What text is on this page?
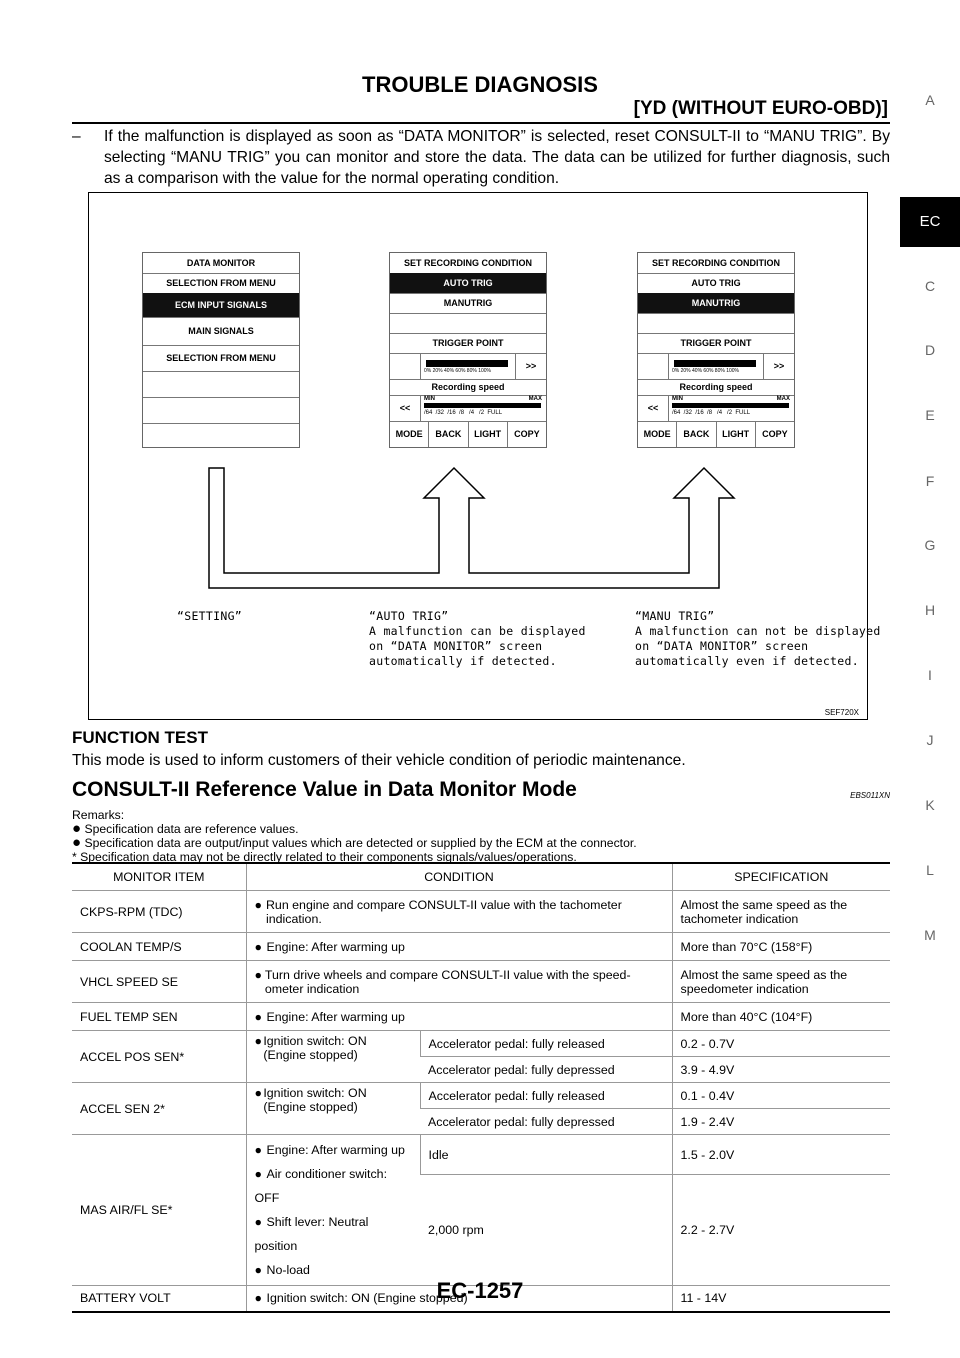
TROUBLE DIAGNOSIS
[YD (WITHOUT EURO-OBD)]
– If the malfunction is displayed as soon as “DATA MONITOR” is selected, reset CONSULT-II to “MANU TRIG”. By selecting “MANU TRIG” you can monitor and store the data. The data can be utilized for further diagnosis, such as a comparison with the value for the normal operating condition.
A
EC
C
D
E
F
G
H
I
J
K
L
M
DATA MONITOR
SELECTION FROM MENU
ECM INPUT SIGNALS
MAIN SIGNALS
SELECTION FROM MENU
SET RECORDING CONDITION
AUTO TRIG
MANUTRIG
TRIGGER POINT
0% 20% 40% 60% 80% 100%	>>
Recording speed
<<
MIN	MAX
/64  /32  /16  /8   /4   /2  FULL
MODE	BACK	LIGHT	COPY
SET RECORDING CONDITION
AUTO TRIG
MANUTRIG
TRIGGER POINT
0% 20% 40% 60% 80% 100%	>>
Recording speed
<<
MIN	MAX
/64  /32  /16  /8   /4   /2  FULL
MODE	BACK	LIGHT	COPY
“SETTING”	“AUTO TRIG”
A malfunction can be displayed
on “DATA MONITOR” screen
automatically if detected.
“MANU TRIG”
A malfunction can not be displayed
on “DATA MONITOR” screen
automatically even if detected.
SEF720X
FUNCTION TEST
This mode is used to inform customers of their vehicle condition of periodic maintenance.
CONSULT-II Reference Value in Data Monitor Mode	EBS011XN
Remarks:
● Specification data are reference values.
● Specification data are output/input values which are detected or supplied by the ECM at the connector.
* Specification data may not be directly related to their components signals/values/operations.
MONITOR ITEM	CONDITION		SPECIFICATION
CKPS-RPM (TDC)	● Run engine and compare CONSULT-II value with the tachometer indication.		Almost the same speed as the tachometer indication
COOLAN TEMP/S	● Engine: After warming up		More than 70°C (158°F)
VHCL SPEED SE	● Turn drive wheels and compare CONSULT-II value with the speed-ometer indication		Almost the same speed as the speedometer indication
FUEL TEMP SEN	● Engine: After warming up		More than 40°C (104°F)
ACCEL POS SEN*	● Ignition switch: ON (Engine stopped)	Accelerator pedal: fully released	0.2 - 0.7V
		Accelerator pedal: fully depressed	3.9 - 4.9V
ACCEL SEN 2*	● Ignition switch: ON (Engine stopped)	Accelerator pedal: fully released	0.1 - 0.4V
		Accelerator pedal: fully depressed	1.9 - 2.4V
MAS AIR/FL SE*	● Engine: After warming up
● Air conditioner switch: OFF
● Shift lever: Neutral position
● No-load	Idle	1.5 - 2.0V
		2,000 rpm	2.2 - 2.7V
BATTERY VOLT	● Ignition switch: ON (Engine stopped)		11 - 14V
EC-1257
